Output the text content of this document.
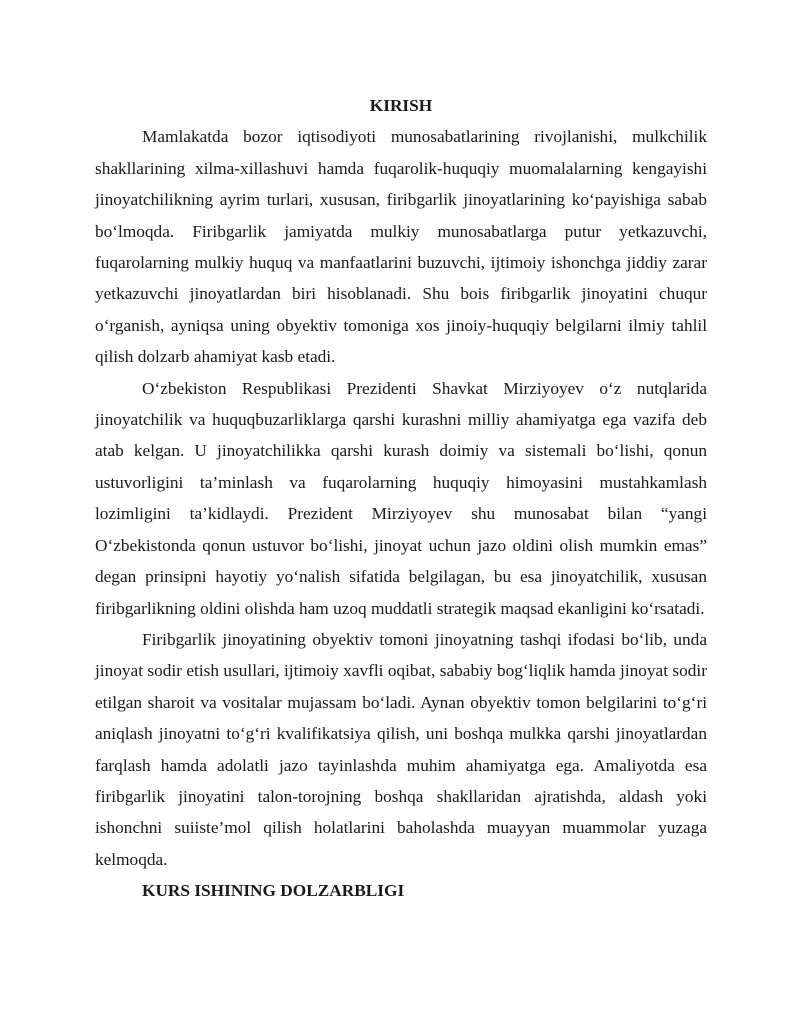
KIRISH

Mamlakatda bozor iqtisodiyoti munosabatlarining rivojlanishi, mulkchilik shakllarining xilma-xillashuvi hamda fuqarolik-huquqiy muomalalarning kengayishi jinoyatchilikning ayrim turlari, xususan, firibgarlik jinoyatlarining ko‘payishiga sabab bo‘lmoqda. Firibgarlik jamiyatda mulkiy munosabatlarga putur yetkazuvchi, fuqarolarning mulkiy huquq va manfaatlarini buzuvchi, ijtimoiy ishonchga jiddiy zarar yetkazuvchi jinoyatlardan biri hisoblanadi. Shu bois firibgarlik jinoyatini chuqur o‘rganish, ayniqsa uning obyektiv tomoniga xos jinoiy-huquqiy belgilarni ilmiy tahlil qilish dolzarb ahamiyat kasb etadi.

O‘zbekiston Respublikasi Prezidenti Shavkat Mirziyoyev o‘z nutqlarida jinoyatchilik va huquqbuzarliklarga qarshi kurashni milliy ahamiyatga ega vazifa deb atab kelgan. U jinoyatchilikka qarshi kurash doimiy va sistemali bo‘lishi, qonun ustuvorligini ta’minlash va fuqarolarning huquqiy himoyasini mustahkamlash lozimligini ta’kidlaydi. Prezident Mirziyoyev shu munosabat bilan “yangi O‘zbekistonda qonun ustuvor bo‘lishi, jinoyat uchun jazo oldini olish mumkin emas” degan prinsipni hayotiy yo‘nalish sifatida belgilagan, bu esa jinoyatchilik, xususan firibgarlikning oldini olishda ham uzoq muddatli strategik maqsad ekanligini ko‘rsatadi.

Firibgarlik jinoyatining obyektiv tomoni jinoyatning tashqi ifodasi bo‘lib, unda jinoyat sodir etish usullari, ijtimoiy xavfli oqibat, sababiy bog‘liqlik hamda jinoyat sodir etilgan sharoit va vositalar mujassam bo‘ladi. Aynan obyektiv tomon belgilarini to‘g‘ri aniqlash jinoyatni to‘g‘ri kvalifikatsiya qilish, uni boshqa mulkka qarshi jinoyatlardan farqlash hamda adolatli jazo tayinlashda muhim ahamiyatga ega. Amaliyotda esa firibgarlik jinoyatini talon-torojning boshqa shakllaridan ajratishda, aldash yoki ishonchni suiiste’mol qilish holatlarini baholashda muayyan muammolar yuzaga kelmoqda.

KURS ISHINING DOLZARBLIGI
